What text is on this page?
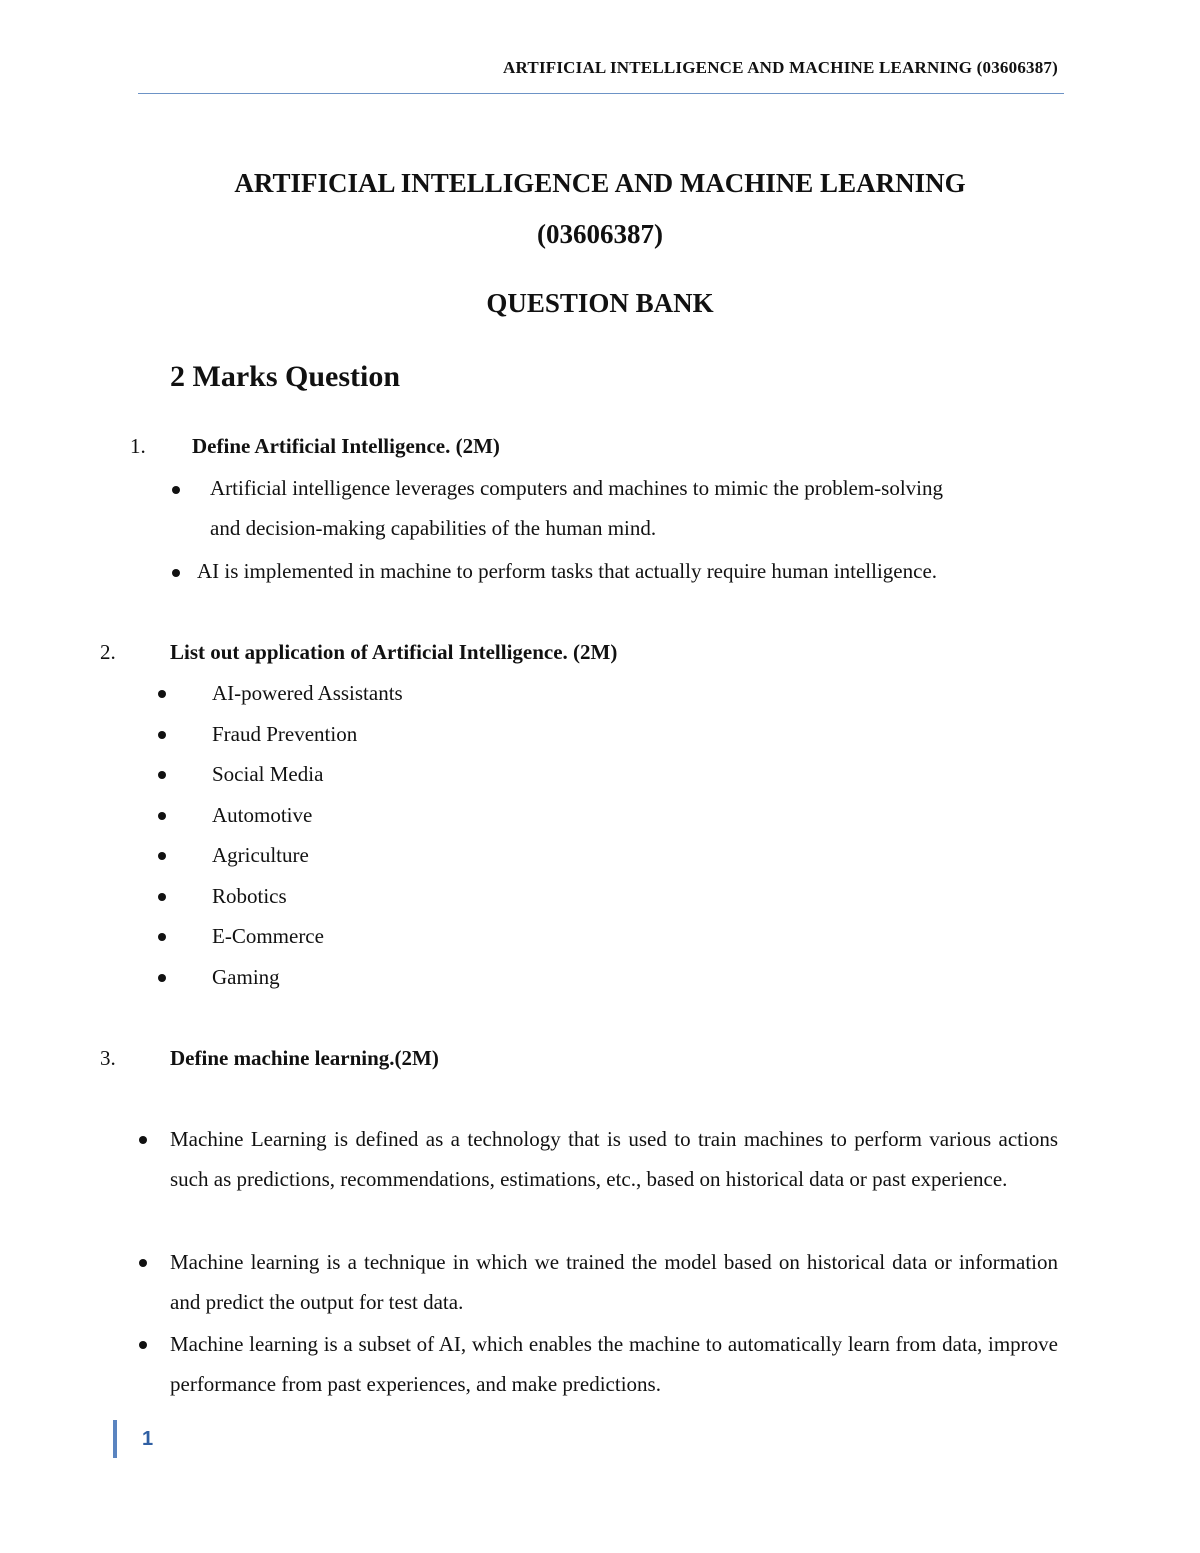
ARTIFICIAL INTELLIGENCE AND MACHINE LEARNING (03606387)
ARTIFICIAL INTELLIGENCE AND MACHINE LEARNING
(03606387)
QUESTION BANK
2 Marks Question
1. Define Artificial Intelligence. (2M)
Artificial intelligence leverages computers and machines to mimic the problem-solving
and decision-making capabilities of the human mind.
AI is implemented in machine to perform tasks that actually require human intelligence.
2.	List out application of Artificial Intelligence. (2M)
AI-powered Assistants
Fraud Prevention
Social Media
Automotive
Agriculture
Robotics
E-Commerce
Gaming
3.	Define machine learning.(2M)
Machine Learning is defined as a technology that is used to train machines to perform various actions such as predictions, recommendations, estimations, etc., based on historical data or past experience.
Machine learning is a technique in which we trained the model based on historical data or information and predict the output for test data.
Machine learning is a subset of AI, which enables the machine to automatically learn from data, improve performance from past experiences, and make predictions.
1
